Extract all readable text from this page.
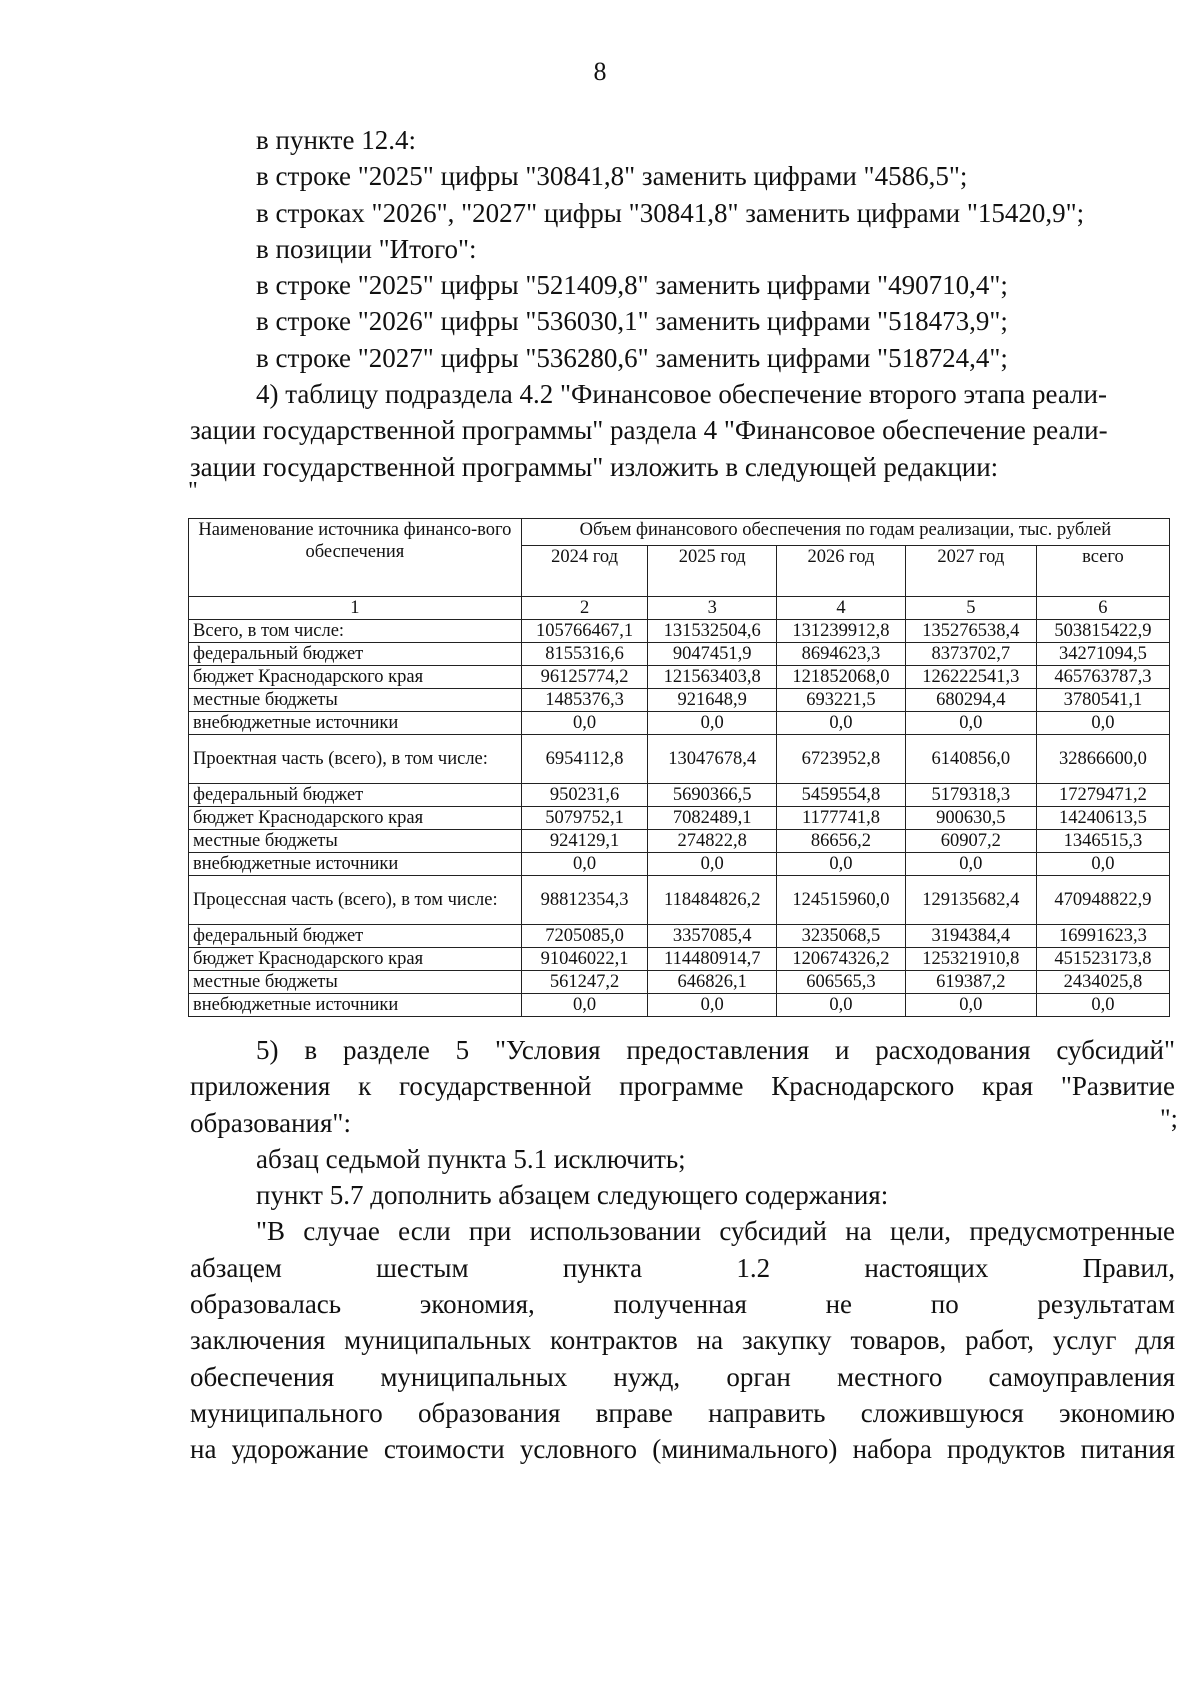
8

в пункте 12.4:

в строке "2025" цифры "30841,8" заменить цифрами "4586,5";

в строках "2026", "2027" цифры "30841,8" заменить цифрами "15420,9";

в позиции "Итого":

в строке "2025" цифры "521409,8" заменить цифрами "490710,4";

в строке "2026" цифры "536030,1" заменить цифрами "518473,9";

в строке "2027" цифры "536280,6" заменить цифрами "518724,4";

4) таблицу подраздела 4.2 "Финансовое обеспечение второго этапа реали-

зации государственной программы" раздела 4 "Финансовое обеспечение реали-

зации государственной программы" изложить в следующей редакции:

"
Наименование источника финансо-вого обеспечения	Объем финансового обеспечения по годам реализации, тыс. рублей				
	2024 год	2025 год	2026 год	2027 год	всего
1	2	3	4	5	6
Всего, в том числе:	105766467,1	131532504,6	131239912,8	135276538,4	503815422,9
федеральный бюджет	8155316,6	9047451,9	8694623,3	8373702,7	34271094,5
бюджет Краснодарского края	96125774,2	121563403,8	121852068,0	126222541,3	465763787,3
местные бюджеты	1485376,3	921648,9	693221,5	680294,4	3780541,1
внебюджетные источники	0,0	0,0	0,0	0,0	0,0
Проектная часть (всего), в том числе:	6954112,8	13047678,4	6723952,8	6140856,0	32866600,0
федеральный бюджет	950231,6	5690366,5	5459554,8	5179318,3	17279471,2
бюджет Краснодарского края	5079752,1	7082489,1	1177741,8	900630,5	14240613,5
местные бюджеты	924129,1	274822,8	86656,2	60907,2	1346515,3
внебюджетные источники	0,0	0,0	0,0	0,0	0,0
Процессная часть (всего), в том числе:	98812354,3	118484826,2	124515960,0	129135682,4	470948822,9
федеральный бюджет	7205085,0	3357085,4	3235068,5	3194384,4	16991623,3
бюджет Краснодарского края	91046022,1	114480914,7	120674326,2	125321910,8	451523173,8
местные бюджеты	561247,2	646826,1	606565,3	619387,2	2434025,8
внебюджетные источники	0,0	0,0	0,0	0,0	0,0
";

5) в разделе 5 "Условия предоставления и расходования субсидий"

приложения к государственной программе Краснодарского края "Развитие

образования":

абзац седьмой пункта 5.1 исключить;

пункт 5.7 дополнить абзацем следующего содержания:

"В случае если при использовании субсидий на цели, предусмотренные

абзацем шестым пункта 1.2 настоящих Правил,

образовалась экономия, полученная не по результатам

заключения муниципальных контрактов на закупку товаров, работ, услуг для

обеспечения муниципальных нужд, орган местного самоуправления

муниципального образования вправе направить сложившуюся экономию

на удорожание стоимости условного (минимального) набора продуктов питания
